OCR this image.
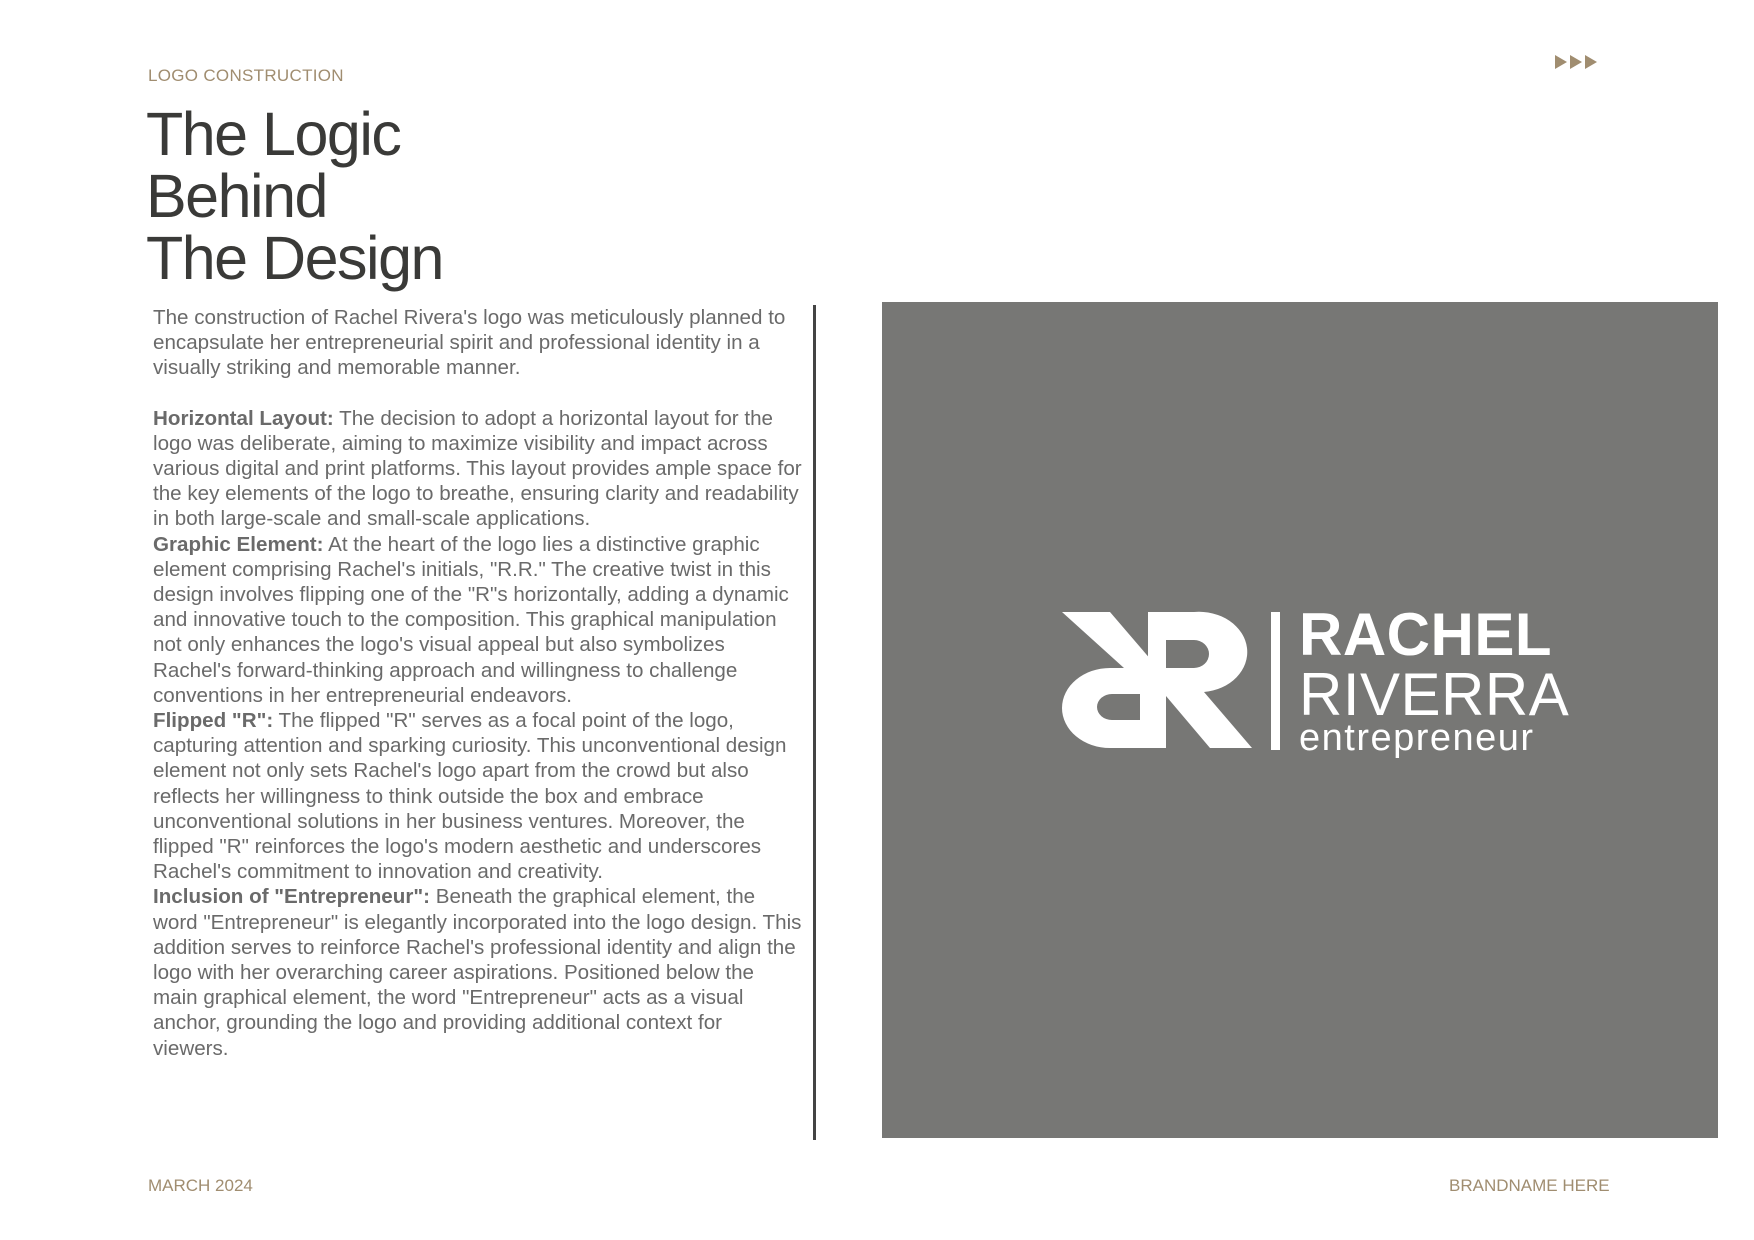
LOGO CONSTRUCTION
The Logic
Behind
The Design

The construction of Rachel Rivera's logo was meticulously planned to encapsulate her entrepreneurial spirit and professional identity in a visually striking and memorable manner.

Horizontal Layout: The decision to adopt a horizontal layout for the logo was deliberate, aiming to maximize visibility and impact across various digital and print platforms. This layout provides ample space for the key elements of the logo to breathe, ensuring clarity and readability in both large-scale and small-scale applications.

Graphic Element: At the heart of the logo lies a distinctive graphic element comprising Rachel's initials, "R.R." The creative twist in this design involves flipping one of the "R"s horizontally, adding a dynamic and innovative touch to the composition. This graphical manipulation not only enhances the logo's visual appeal but also symbolizes Rachel's forward-thinking approach and willingness to challenge conventions in her entrepreneurial endeavors.

Flipped "R": The flipped "R" serves as a focal point of the logo, capturing attention and sparking curiosity. This unconventional design element not only sets Rachel's logo apart from the crowd but also reflects her willingness to think outside the box and embrace unconventional solutions in her business ventures. Moreover, the flipped "R" reinforces the logo's modern aesthetic and underscores Rachel's commitment to innovation and creativity.

Inclusion of "Entrepreneur": Beneath the graphical element, the word "Entrepreneur" is elegantly incorporated into the logo design. This addition serves to reinforce Rachel's professional identity and align the logo with her overarching career aspirations. Positioned below the main graphical element, the word "Entrepreneur" acts as a visual anchor, grounding the logo and providing additional context for viewers.

RACHEL
RIVERRA
entrepreneur
MARCH 2024	BRANDNAME HERE
